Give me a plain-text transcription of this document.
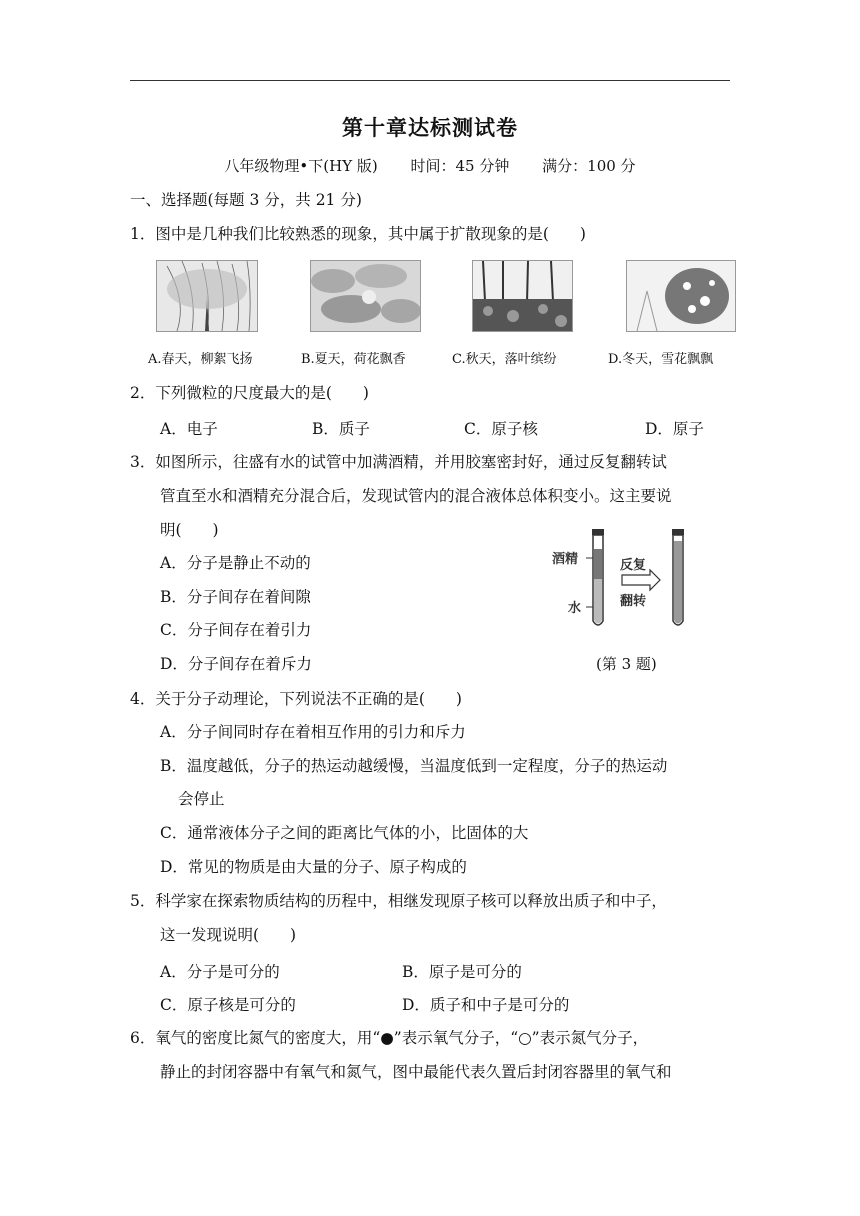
第十章达标测试卷
八年级物理•下(HY 版) 时间：45 分钟 满分：100 分
一、选择题(每题 3 分，共 21 分)
1．图中是几种我们比较熟悉的现象，其中属于扩散现象的是(　　)
A.春天，柳絮飞扬	B.夏天，荷花飘香	C.秋天，落叶缤纷	D.冬天，雪花飘飘
2．下列微粒的尺度最大的是(　　)
A．电子	B．质子	C．原子核	D．原子
3．如图所示，往盛有水的试管中加满酒精，并用胶塞密封好，通过反复翻转试
管直至水和酒精充分混合后，发现试管内的混合液体总体积变小。这主要说
明(　　)
A．分子是静止不动的
B．分子间存在着间隙
C．分子间存在着引力
D．分子间存在着斥力
酒精
水
反复
翻转
(第 3 题)
4．关于分子动理论，下列说法不正确的是(　　)
A．分子间同时存在着相互作用的引力和斥力
B．温度越低，分子的热运动越缓慢，当温度低到一定程度，分子的热运动
会停止
C．通常液体分子之间的距离比气体的小，比固体的大
D．常见的物质是由大量的分子、原子构成的
5．科学家在探索物质结构的历程中，相继发现原子核可以释放出质子和中子，
这一发现说明(　　)
A．分子是可分的	B．原子是可分的
C．原子核是可分的	D．质子和中子是可分的
6．氧气的密度比氮气的密度大，用“●”表示氧气分子，“○”表示氮气分子，
静止的封闭容器中有氧气和氮气，图中最能代表久置后封闭容器里的氧气和
